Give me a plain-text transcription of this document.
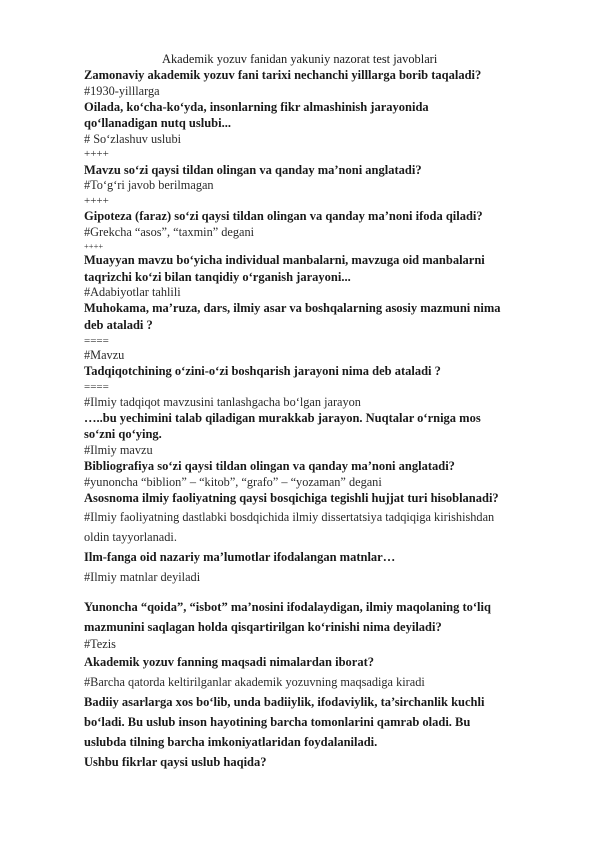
Akademik yozuv fanidan yakuniy nazorat test javoblari

Zamonaviy akademik yozuv fani tarixi nechanchi yilllarga borib taqaladi?

#1930-yilllarga

Oilada, ko‘cha-ko‘yda, insonlarning fikr almashinish jarayonida

qo‘llanadigan nutq uslubi...

# So‘zlashuv uslubi

++++

Mavzu so‘zi qaysi tildan olingan va qanday ma’noni anglatadi?

#To‘g‘ri javob berilmagan

++++

Gipoteza (faraz) so‘zi qaysi tildan olingan va qanday ma’noni ifoda qiladi?

#Grekcha “asos”, “taxmin” degani

++++

Muayyan mavzu bo‘yicha individual manbalarni, mavzuga oid manbalarni

taqrizchi ko‘zi bilan tanqidiy o‘rganish jarayoni...

#Adabiyotlar tahlili

Muhokama, ma’ruza, dars, ilmiy asar va boshqalarning asosiy mazmuni nima

deb ataladi ?

====

#Mavzu

Tadqiqotchining o‘zini-o‘zi boshqarish jarayoni nima deb ataladi ?

====

#Ilmiy tadqiqot mavzusini tanlashgacha bo‘lgan jarayon

…..bu yechimini talab qiladigan murakkab jarayon. Nuqtalar o‘rniga mos

so‘zni qo‘ying.

#Ilmiy mavzu

Bibliografiya so‘zi qaysi tildan olingan va qanday ma’noni anglatadi?

#yunoncha “biblion” – “kitob”, “grafo” – “yozaman” degani

Asosnoma ilmiy faoliyatning qaysi bosqichiga tegishli hujjat turi hisoblanadi?

#Ilmiy faoliyatning dastlabki bosdqichida ilmiy dissertatsiya tadqiqiga kirishishdan

oldin tayyorlanadi.

Ilm-fanga oid nazariy ma’lumotlar ifodalangan matnlar…

#Ilmiy matnlar deyiladi

Yunoncha “qoida”, “isbot” ma’nosini ifodalaydigan, ilmiy maqolaning to‘liq

mazmunini saqlagan holda qisqartirilgan ko‘rinishi nima deyiladi?

#Tezis

Akademik yozuv fanning maqsadi nimalardan iborat?

#Barcha qatorda keltirilganlar akademik yozuvning maqsadiga kiradi

Badiiy asarlarga xos bo‘lib, unda badiiylik, ifodaviylik, ta’sirchanlik kuchli

bo‘ladi. Bu uslub inson hayotining barcha tomonlarini qamrab oladi. Bu

uslubda tilning barcha imkoniyatlaridan foydalaniladi.

Ushbu fikrlar qaysi uslub haqida?
